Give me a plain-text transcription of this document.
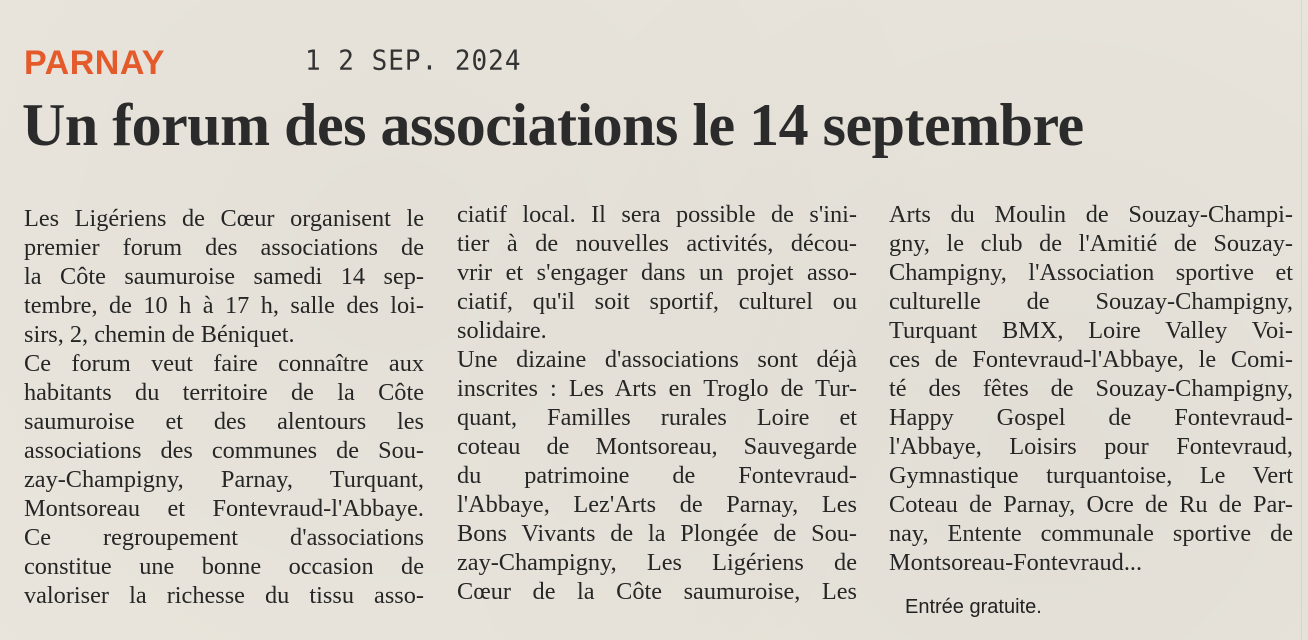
PARNAY	1 2 SEP. 2024
Un forum des associations le 14 septembre
Les Ligériens de Cœur organisent le
premier forum des associations de
la Côte saumuroise samedi 14 sep-
tembre, de 10 h à 17 h, salle des loi-
sirs, 2, chemin de Béniquet.
Ce forum veut faire connaître aux
habitants du territoire de la Côte
saumuroise et des alentours les
associations des communes de Sou-
zay-Champigny, Parnay, Turquant,
Montsoreau et Fontevraud-l'Abbaye.
Ce regroupement d'associations
constitue une bonne occasion de
valoriser la richesse du tissu asso-
ciatif local. Il sera possible de s'ini-
tier à de nouvelles activités, décou-
vrir et s'engager dans un projet asso-
ciatif, qu'il soit sportif, culturel ou
solidaire.
Une dizaine d'associations sont déjà
inscrites : Les Arts en Troglo de Tur-
quant, Familles rurales Loire et
coteau de Montsoreau, Sauvegarde
du patrimoine de Fontevraud-
l'Abbaye, Lez'Arts de Parnay, Les
Bons Vivants de la Plongée de Sou-
zay-Champigny, Les Ligériens de
Cœur de la Côte saumuroise, Les
Arts du Moulin de Souzay-Champi-
gny, le club de l'Amitié de Souzay-
Champigny, l'Association sportive et
culturelle de Souzay-Champigny,
Turquant BMX, Loire Valley Voi-
ces de Fontevraud-l'Abbaye, le Comi-
té des fêtes de Souzay-Champigny,
Happy Gospel de Fontevraud-
l'Abbaye, Loisirs pour Fontevraud,
Gymnastique turquantoise, Le Vert
Coteau de Parnay, Ocre de Ru de Par-
nay, Entente communale sportive de
Montsoreau-Fontevraud...
Entrée gratuite.
